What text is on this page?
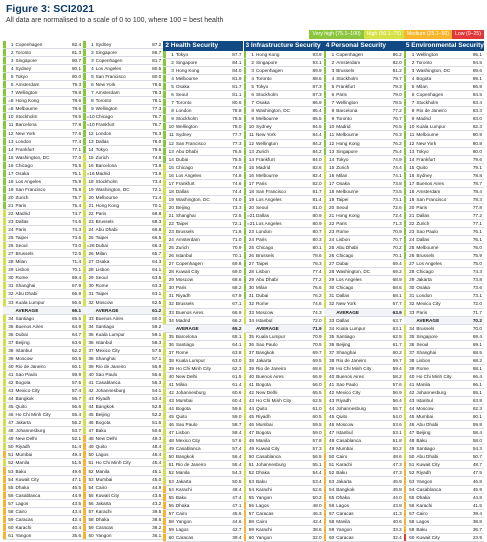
Figure 3: SCI2021
All data are normalised to a scale of 0 to 100, where 100 = best health
Very high (75.1–100)	High (50.1–75)	Medium (25.1–50)	Low (0–25)
1 Copenhagen	82.4
2 Toronto	81.3
3 Singapore	80.7
4 Sydney	80.1
5 Tokyo	80.0
6 Amsterdam	79.3
7 Wellington	78.8
=8 Hong Kong	78.6
=8 Melbourne	78.6
10 Stockholm	78.5
11 Barcelona	77.8
12 New York	77.6
13 London	77.4
14 Frankfurt	77.1
15 Washington, DC	77.0
16 Chicago	76.5
17 Osaka	76.1
18 Los Angeles	75.9
19 San Francisco	75.8
20 Zurich	75.7
21 Paris	75.4
22 Madrid	74.7
23 Dallas	74.6
24 Paris	74.3
25 Taipei	73.6
26 Seoul	73.0
27 Brussels	72.5
28 Milan	71.4
29 Lisbon	70.1
30 Rome	69.4
31 Shanghai	67.9
32 Abu Dhabi	66.9
33 Kuala Lumpur	66.6
AVERAGE	66.1
34 Santiago	65.5
35 Buenos Aires	64.9
36 Dubai	64.7
37 Beijing	63.6
38 Istanbul	62.2
39 Moscow	60.5
40 Rio de Janeiro	60.1
41 Sao Paulo	59.9
42 Bogota	57.5
43 Mexico City	57.4
44 Bangkok	56.7
45 Quito	56.6
46 Ho Chi Minh City	55.4
47 Jakarta	55.2
48 Johannesburg	53.7
49 New Delhi	52.1
50 Riyadh	51.4
51 Mumbai	49.4
52 Manila	51.5
53 Baku	49.6
54 Kuwait City	47.1
55 Dhaka	46.5
56 Casablanca	44.9
57 Lagos	43.5
58 Cairo	43.4
59 Caracas	42.4
60 Karachi	40.4
61 Yangon	35.6
1 Sydney	87.2
2 Singapore	86.7
3 Copenhagen	81.7
4 Los Angeles	80.5
5 San Francisco	80.0
6 New York	78.6
7 Amsterdam	78.3
8 Toronto	78.1
9 Wellington	77.3
=10 Chicago	76.7
=10 Frankfurt	76.7
12 London	76.3
13 Dallas	76.0
14 Tokyo	75.6
15 Zurich	74.8
16 Barcelona	73.9
=16 Madrid	73.9
18 Stockholm	73.4
19 Washington, DC	72.1
20 Melbourne	71.4
21 Hong Kong	70.1
22 Paris	68.8
23 Brussels	68.3
24 Abu Dhabi	66.8
25 Taipei	66.5
=26 Dubai	66.3
26 Milan	65.7
27 Osaka	64.3
28 Lisbon	64.1
29 Seoul	63.5
30 Rome	63.3
31 Taipei	63.1
32 Moscow	62.5
AVERAGE	61.2
33 Buenos Aires	60.0
34 Santiago	59.2
35 Kuala Lumpur	59.1
36 Istanbul	58.3
37 Mexico City	57.6
38 Shanghai	57.1
39 Rio de Janeiro	55.9
40 Sao Paulo	55.6
41 Casablanca	55.3
42 Johannesburg	54.1
43 Riyadh	53.4
44 Bangkok	52.8
45 Beijing	52.2
46 Bogota	51.6
47 Baku	50.6
48 New Delhi	49.3
49 Quito	48.4
50 Lagos	46.4
51 Ho Chi Minh City	45.4
52 Manila	45.1
53 Mumbai	45.0
54 Cairo	44.9
55 Kuwait City	43.5
56 Jakarta	43.2
57 Karachi	39.5
58 Dhaka	38.6
59 Caracas	38.2
60 Yangon	36.1
2 Health Security
1 Tokyo	87.7
2 Singapore	84.1
3 Hong Kong	84.0
4 Melbourne	81.9
5 Osaka	81.7
6 Seoul	81.1
7 Toronto	80.6
8 London	78.8
9 Stockholm	78.5
10 Wellington	78.0
11 Sydney	77.7
12 San Francisco	77.3
13 Abu Dhabi	76.5
14 Dubai	75.5
15 Chicago	74.9
16 Los Angeles	74.8
17 Frankfurt	74.6
18 Dallas	74.4
19 Washington, DC	74.0
20 Beijing	73.3
21 Shanghai	72.5
22 Taipei	72.1
23 Brussels	71.8
24 Amsterdam	71.0
25 Zurich	70.9
26 Istanbul	70.1
27 Copenhagen	69.8
28 Kuwait City	69.0
29 Moscow	68.6
30 Paris	68.2
31 Riyadh	67.9
32 Brussels	67.1
33 Buenos Aires	66.9
34 Madrid	66.2
AVERAGE	65.2
35 Barcelona	65.1
36 Santiago	64.1
37 Rome	63.8
38 Kuala Lumpur	63.0
39 Ho Chi Minh City	62.3
40 New Delhi	61.5
41 Milan	61.4
42 Johannesburg	60.6
43 Mumbai	60.4
44 Bogota	59.6
45 Quito	59.0
46 Sao Paulo	58.7
47 Lisbon	58.4
48 Mexico City	57.6
49 Casablanca	57.4
50 Bangkok	56.4
51 Rio de Janeiro	55.4
52 Manila	54.3
53 Jakarta	50.5
54 Karachi	48.4
55 Baku	47.4
56 Dhaka	47.1
57 Cairo	45.6
58 Yangon	44.6
59 Lagos	42.7
60 Caracas	39.4
3 Infrastructure Security
1 Hong Kong	93.9
2 Singapore	93.1
3 Copenhagen	89.9
4 Toronto	88.6
5 Tokyo	87.3
6 Stockholm	87.3
7 Osaka	86.9
8 Washington, DC	86.4
9 Melbourne	85.5
10 Sydney	84.5
11 New York	84.4
12 Wellington	84.2
13 Zurich	84.2
14 Frankfurt	84.0
15 Madrid	82.6
16 Melbourne	82.4
17 Paris	82.0
18 San Francisco	81.7
19 Los Angeles	81.4
20 Seoul	81.0
=21 Dallas	80.9
=21 Los Angeles	80.9
23 London	80.7
24 Paris	80.3
25 Chicago	80.1
26 Brussels	78.6
27 Taipei	78.3
28 Lisbon	77.4
29 Abu Dhabi	77.2
30 Milan	76.6
31 Dubai	76.2
32 Rome	74.6
33 Moscow	74.3
34 Istanbul	72.0
AVERAGE	71.9
35 Kuala Lumpur	70.9
36 Sao Paulo	70.5
37 Bangkok	69.7
38 Jakarta	69.5
39 Rio de Janeiro	68.6
40 Buenos Aires	66.9
41 Bogota	66.0
42 New Delhi	65.5
43 Ho Chi Minh City	62.5
44 Quito	61.0
45 Riyadh	60.5
46 Mumbai	59.5
47 Bogota	59.0
48 Manila	57.8
49 Kuwait City	57.3
50 Casablanca	56.5
51 Johannesburg	55.1
52 Dhaka	54.4
53 Baku	53.4
54 Karachi	52.6
55 Yangon	50.2
56 Lagos	48.0
57 Caracas	46.3
58 Cairo	42.4
59 Karachi	38.6
60 Yangon	32.0
4 Personal Security
1 Copenhagen	86.2
2 Amsterdam	82.0
3 Brussels	81.2
4 Stockholm	79.7
5 Frankfurt	79.3
6 Paris	79.0
7 Wellington	78.5
8 Barcelona	77.2
9 Toronto	76.7
10 Madrid	76.5
11 Melbourne	76.3
12 Hong Kong	76.2
13 Singapore	75.4
14 Tokyo	74.9
15 Zurich	74.4
16 Milan	74.1
17 Osaka	73.8
18 Melbourne	73.5
19 Taipei	73.1
20 Seoul	72.6
21 Hong Kong	72.4
22 Paris	71.3
23 Rome	70.9
24 Lisbon	70.7
25 Abu Dhabi	70.2
26 Chicago	70.1
27 Dubai	69.4
28 Washington, DC	69.2
29 Los Angeles	68.9
30 Chicago	68.6
31 Dallas	68.1
32 New York	67.7
AVERAGE	63.9
33 Dallas	63.7
34 Kuala Lumpur	63.1
35 Santiago	62.5
36 Beijing	61.7
37 Shanghai	60.2
38 Rio de Janeiro	59.7
39 Ho Chi Minh City	59.4
40 Buenos Aires	58.2
41 Sao Paulo	57.6
42 Mexico City	56.9
43 Riyadh	56.4
44 Johannesburg	55.7
45 Quito	54.0
46 Moscow	53.6
47 Istanbul	53.1
48 Casablanca	51.8
49 Mumbai	50.2
50 Cairo	48.6
51 Karachi	47.3
52 Baku	47.3
53 Jakarta	45.9
54 Bangkok	45.8
55 Dhaka	44.0
56 Lagos	43.8
57 Caracas	41.3
58 Manila	40.6
59 Yangon	33.2
60 Caracas	32.4
5 Environmental Security
1 Wellington	95.1
2 Toronto	94.5
3 Washington, DC	89.6
4 Bogota	89.1
5 Milan	86.9
6 Copenhagen	84.5
7 Stockholm	83.4
8 Rio de Janeiro	83.3
9 Madrid	83.0
10 Kuala Lumpur	82.3
11 Melbourne	80.9
12 New York	80.8
13 Tokyo	80.0
14 Frankfurt	79.6
15 Quito	79.1
16 Sydney	78.8
17 Buenos Aires	78.7
18 Amsterdam	78.4
19 San Francisco	78.3
20 Paris	77.8
21 Dallas	77.2
22 Zurich	77.1
23 Sao Paulo	76.1
24 Dallas	76.1
25 Melbourne	76.0
26 Brussels	75.9
27 Los Angeles	75.0
28 Chicago	74.3
29 Jakarta	73.8
30 Osaka	73.6
31 London	73.1
32 Mexico City	72.0
33 Paris	71.7
AVERAGE	70.2
34 Brussels	70.0
35 Singapore	69.4
36 Seoul	69.1
37 Shanghai	68.5
38 Lisbon	68.2
39 Rome	68.1
40 Ho Chi Minh City	66.4
41 Manila	66.1
42 Johannesburg	65.1
43 Istanbul	63.8
44 Moscow	62.3
45 Mumbai	60.1
46 Abu Dhabi	59.8
47 Beijing	58.4
48 Baku	58.0
49 Santiago	54.3
50 Abu Dhabi	50.7
51 Kuwait City	48.7
52 Riyadh	47.5
53 Yangon	46.8
54 Casablanca	45.9
55 Dhaka	44.8
56 Karachi	41.5
57 Cairo	39.4
58 Lagos	38.8
59 Baku	36.7
60 Kuwait City	23.9
